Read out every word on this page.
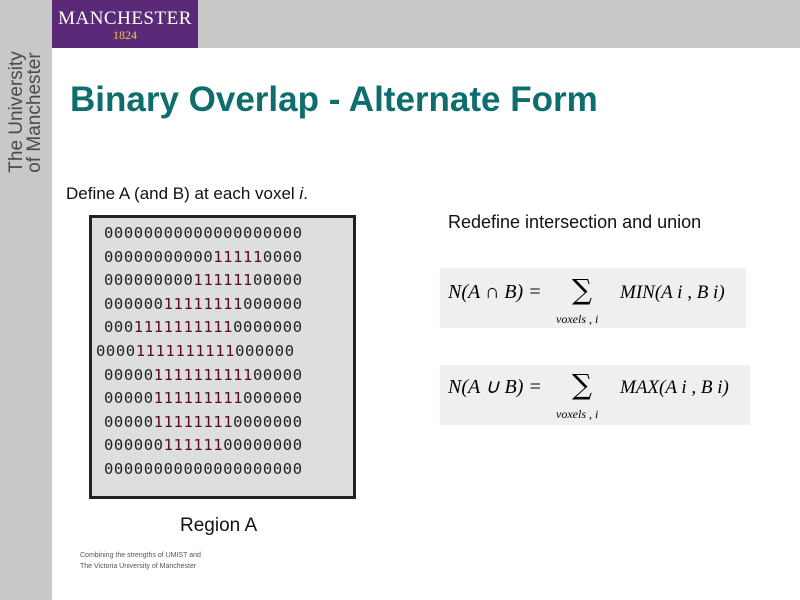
MANCHESTER
1824
The University
of Manchester Binary Overlap - Alternate Form
Define A (and B) at each voxel i.
00000000000000000000
00000000000111110000
00000000011111100000
00000011111111000000
00011111111110000000
00001111111111000000
00000111111111100000
00000111111111000000
00000111111110000000
00000011111100000000
00000000000000000000
Region A
Redefine intersection and union
N(A ∩ B) = ∑
voxels , i
MIN(A i , B i)
N(A ∪ B) = ∑
voxels , i
MAX(A i , B i)
Combining the strengths of UMIST and
The Victoria University of Manchester
